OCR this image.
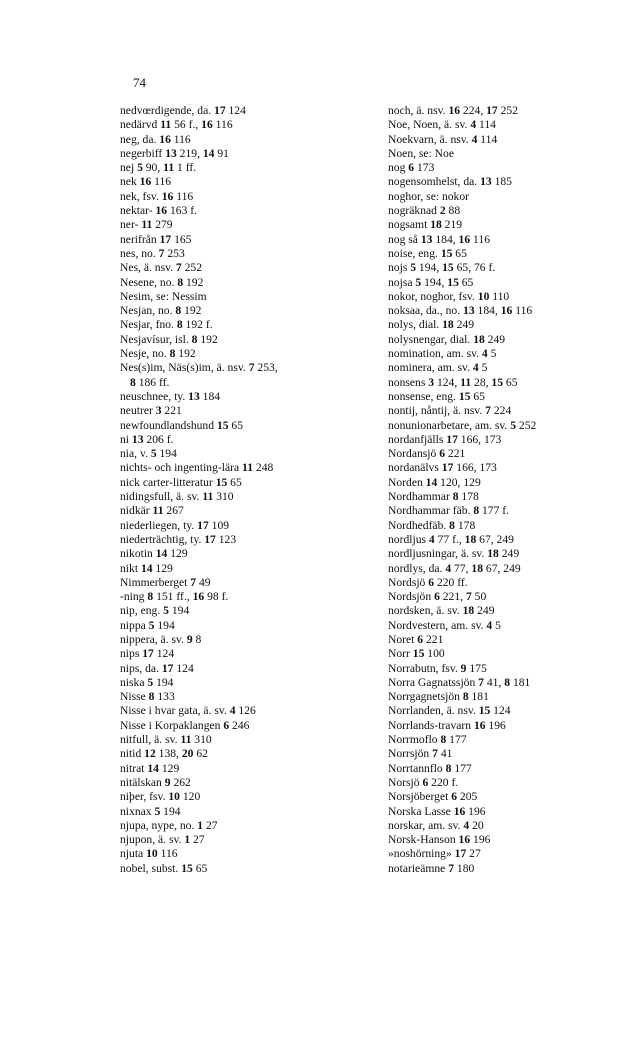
74
nedvœrdigende, da. 17 124
nedärvd 11 56 f., 16 116
neg, da. 16 116
negerbiff 13 219, 14 91
nej 5 90, 11 1 ff.
nek 16 116
nek, fsv. 16 116
nektar- 16 163 f.
ner- 11 279
nerifrån 17 165
nes, no. 7 253
Nes, ä. nsv. 7 252
Nesene, no. 8 192
Nesim, se: Nessim
Nesjan, no. 8 192
Nesjar, fno. 8 192 f.
Nesjavísur, isl. 8 192
Nesje, no. 8 192
Nes(s)im, Näs(s)im, ä. nsv. 7 253,
8 186 ff.
neuschnee, ty. 13 184
neutrer 3 221
newfoundlandshund 15 65
ni 13 206 f.
nia, v. 5 194
nichts- och ingenting-lära 11 248
nick carter-litteratur 15 65
nidingsfull, ä. sv. 11 310
nidkär 11 267
niederliegen, ty. 17 109
niederträchtig, ty. 17 123
nikotin 14 129
nikt 14 129
Nimmerberget 7 49
-ning 8 151 ff., 16 98 f.
nip, eng. 5 194
nippa 5 194
nippera, ä. sv. 9 8
nips 17 124
nips, da. 17 124
niska 5 194
Nisse 8 133
Nisse i hvar gata, ä. sv. 4 126
Nisse i Korpaklangen 6 246
nitfull, ä. sv. 11 310
nitid 12 138, 20 62
nitrat 14 129
nitälskan 9 262
niþer, fsv. 10 120
nixnax 5 194
njupa, nype, no. 1 27
njupon, ä. sv. 1 27
njuta 10 116
nobel, subst. 15 65
noch, ä. nsv. 16 224, 17 252
Noe, Noen, ä. sv. 4 114
Noekvarn, ä. nsv. 4 114
Noen, se: Noe
nog 6 173
nogensomhelst, da. 13 185
noghor, se: nokor
nogräknad 2 88
nogsamt 18 219
nog så 13 184, 16 116
noise, eng. 15 65
nojs 5 194, 15 65, 76 f.
nojsa 5 194, 15 65
nokor, noghor, fsv. 10 110
noksaa, da., no. 13 184, 16 116
nolys, dial. 18 249
nolysnengar, dial. 18 249
nomination, am. sv. 4 5
nominera, am. sv. 4 5
nonsens 3 124, 11 28, 15 65
nonsense, eng. 15 65
nontij, nåntij, ä. nsv. 7 224
nonunionarbetare, am. sv. 5 252
nordanfjälls 17 166, 173
Nordansjö 6 221
nordanälvs 17 166, 173
Norden 14 120, 129
Nordhammar 8 178
Nordhammar fäb. 8 177 f.
Nordhedfäb. 8 178
nordljus 4 77 f., 18 67, 249
nordljusningar, ä. sv. 18 249
nordlys, da. 4 77, 18 67, 249
Nordsjö 6 220 ff.
Nordsjön 6 221, 7 50
nordsken, ä. sv. 18 249
Nordvestern, am. sv. 4 5
Noret 6 221
Norr 15 100
Norrabutn, fsv. 9 175
Norra Gagnatssjön 7 41, 8 181
Norrgagnetsjön 8 181
Norrlanden, ä. nsv. 15 124
Norrlands-travarn 16 196
Norrmoflo 8 177
Norrsjön 7 41
Norrtannflo 8 177
Norsjö 6 220 f.
Norsjöberget 6 205
Norska Lasse 16 196
norskar, am. sv. 4 20
Norsk-Hanson 16 196
»noshörning» 17 27
notarieämne 7 180
